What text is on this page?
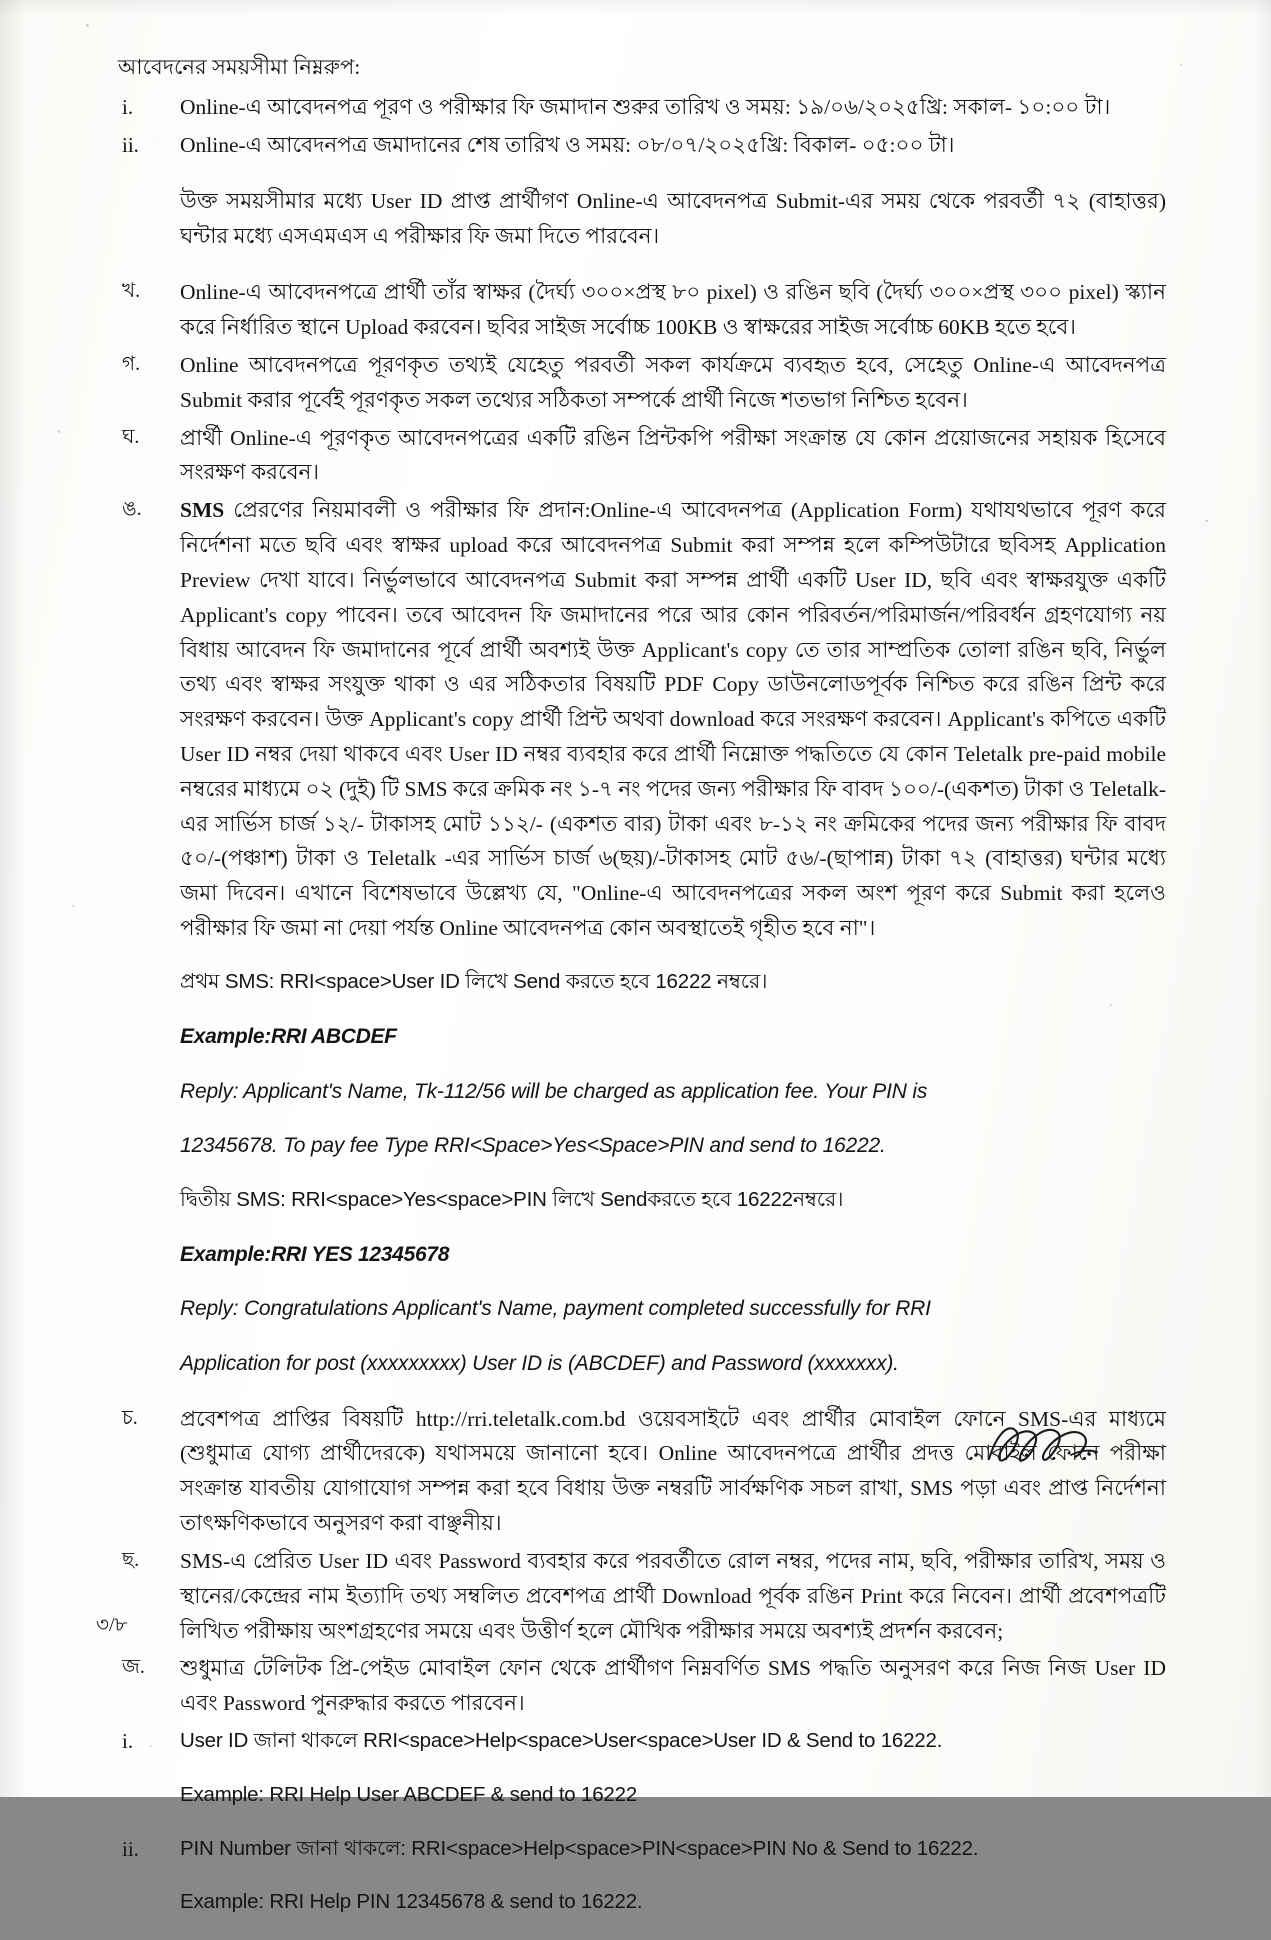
আবেদনের সময়সীমা নিম্নরুপ:

i.	Online-এ আবেদনপত্র পূরণ ও পরীক্ষার ফি জমাদান শুরুর তারিখ ও সময়: ১৯/০৬/২০২৫খ্রি: সকাল- ১০:০০ টা।
ii.	Online-এ আবেদনপত্র জমাদানের শেষ তারিখ ও সময়: ০৮/০৭/২০২৫খ্রি: বিকাল- ০৫:০০ টা।

উক্ত সময়সীমার মধ্যে User ID প্রাপ্ত প্রার্থীগণ Online-এ আবেদনপত্র Submit-এর সময় থেকে পরবর্তী ৭২ (বাহাত্তর) ঘন্টার মধ্যে এসএমএস এ পরীক্ষার ফি জমা দিতে পারবেন।

খ.	Online-এ আবেদনপত্রে প্রার্থী তাঁর স্বাক্ষর (দৈর্ঘ্য ৩০০×প্রস্থ ৮০ pixel) ও রঙিন ছবি (দৈর্ঘ্য ৩০০×প্রস্থ ৩০০ pixel) স্ক্যান করে নির্ধারিত স্থানে Upload করবেন। ছবির সাইজ সর্বোচ্চ 100KB ও স্বাক্ষরের সাইজ সর্বোচ্চ 60KB হতে হবে।
গ.	Online আবেদনপত্রে পূরণকৃত তথ্যই যেহেতু পরবর্তী সকল কার্যক্রমে ব্যবহৃত হবে, সেহেতু Online-এ আবেদনপত্র Submit করার পূর্বেই পূরণকৃত সকল তথ্যের সঠিকতা সম্পর্কে প্রার্থী নিজে শতভাগ নিশ্চিত হবেন।
ঘ.	প্রার্থী Online-এ পূরণকৃত আবেদনপত্রের একটি রঙিন প্রিন্টকপি পরীক্ষা সংক্রান্ত যে কোন প্রয়োজনের সহায়ক হিসেবে সংরক্ষণ করবেন।
ঙ.	SMS প্রেরণের নিয়মাবলী ও পরীক্ষার ফি প্রদান:Online-এ আবেদনপত্র (Application Form) যথাযথভাবে পূরণ করে নির্দেশনা মতে ছবি এবং স্বাক্ষর upload করে আবেদনপত্র Submit করা সম্পন্ন হলে কম্পিউটারে ছবিসহ Application Preview দেখা যাবে। নির্ভুলভাবে আবেদনপত্র Submit করা সম্পন্ন প্রার্থী একটি User ID, ছবি এবং স্বাক্ষরযুক্ত একটি Applicant's copy পাবেন। তবে আবেদন ফি জমাদানের পরে আর কোন পরিবর্তন/পরিমার্জন/পরিবর্ধন গ্রহণযোগ্য নয় বিধায় আবেদন ফি জমাদানের পূর্বে প্রার্থী অবশ্যই উক্ত Applicant's copy তে তার সাম্প্রতিক তোলা রঙিন ছবি, নির্ভুল তথ্য এবং স্বাক্ষর সংযুক্ত থাকা ও এর সঠিকতার বিষয়টি PDF Copy ডাউনলোডপূর্বক নিশ্চিত করে রঙিন প্রিন্ট করে সংরক্ষণ করবেন। উক্ত Applicant's copy প্রার্থী প্রিন্ট অথবা download করে সংরক্ষণ করবেন। Applicant's কপিতে একটি User ID নম্বর দেয়া থাকবে এবং User ID নম্বর ব্যবহার করে প্রার্থী নিম্নোক্ত পদ্ধতিতে যে কোন Teletalk pre-paid mobile নম্বরের মাধ্যমে ০২ (দুই) টি SMS করে ক্রমিক নং ১-৭ নং পদের জন্য পরীক্ষার ফি বাবদ ১০০/-(একশত) টাকা ও Teletalk-এর সার্ভিস চার্জ ১২/- টাকাসহ মোট ১১২/- (একশত বার) টাকা এবং ৮-১২ নং ক্রমিকের পদের জন্য পরীক্ষার ফি বাবদ ৫০/-(পঞ্চাশ) টাকা ও Teletalk -এর সার্ভিস চার্জ ৬(ছয়)/-টাকাসহ মোট ৫৬/-(ছাপান্ন) টাকা ৭২ (বাহাত্তর) ঘন্টার মধ্যে জমা দিবেন। এখানে বিশেষভাবে উল্লেখ্য যে, "Online-এ আবেদনপত্রের সকল অংশ পূরণ করে Submit করা হলেও পরীক্ষার ফি জমা না দেয়া পর্যন্ত Online আবেদনপত্র কোন অবস্থাতেই গৃহীত হবে না"।

প্রথম SMS: RRI<space>User ID লিখে Send করতে হবে 16222 নম্বরে।

Example:RRI ABCDEF

Reply: Applicant's Name, Tk-112/56 will be charged as application fee. Your PIN is

12345678. To pay fee Type RRI<Space>Yes<Space>PIN and send to 16222.

দ্বিতীয় SMS: RRI<space>Yes<space>PIN লিখে Sendকরতে হবে 16222নম্বরে।

Example:RRI YES 12345678

Reply: Congratulations Applicant's Name, payment completed successfully for RRI

Application for post (xxxxxxxxx) User ID is (ABCDEF) and Password (xxxxxxx).

চ.	প্রবেশপত্র প্রাপ্তির বিষয়টি http://rri.teletalk.com.bd ওয়েবসাইটে এবং প্রার্থীর মোবাইল ফোনে SMS-এর মাধ্যমে (শুধুমাত্র যোগ্য প্রার্থীদেরকে) যথাসময়ে জানানো হবে। Online আবেদনপত্রে প্রার্থীর প্রদত্ত মোবাইল ফোনে পরীক্ষা সংক্রান্ত যাবতীয় যোগাযোগ সম্পন্ন করা হবে বিধায় উক্ত নম্বরটি সার্বক্ষণিক সচল রাখা, SMS পড়া এবং প্রাপ্ত নির্দেশনা তাৎক্ষণিকভাবে অনুসরণ করা বাঞ্ছনীয়।
ছ.	SMS-এ প্রেরিত User ID এবং Password ব্যবহার করে পরবর্তীতে রোল নম্বর, পদের নাম, ছবি, পরীক্ষার তারিখ, সময় ও স্থানের/কেন্দ্রের নাম ইত্যাদি তথ্য সম্বলিত প্রবেশপত্র প্রার্থী Download পূর্বক রঙিন Print করে নিবেন। প্রার্থী প্রবেশপত্রটি লিখিত পরীক্ষায় অংশগ্রহণের সময়ে এবং উত্তীর্ণ হলে মৌখিক পরীক্ষার সময়ে অবশ্যই প্রদর্শন করবেন;
জ.	শুধুমাত্র টেলিটক প্রি-পেইড মোবাইল ফোন থেকে প্রার্থীগণ নিম্নবর্ণিত SMS পদ্ধতি অনুসরণ করে নিজ নিজ User ID এবং Password পুনরুদ্ধার করতে পারবেন।
i.	User ID জানা থাকলে RRI<space>Help<space>User<space>User ID & Send to 16222.

Example: RRI Help User ABCDEF & send to 16222

ii.	PIN Number জানা থাকলে: RRI<space>Help<space>PIN<space>PIN No & Send to 16222.

Example: RRI Help PIN 12345678 & send to 16222.

৩/৮
